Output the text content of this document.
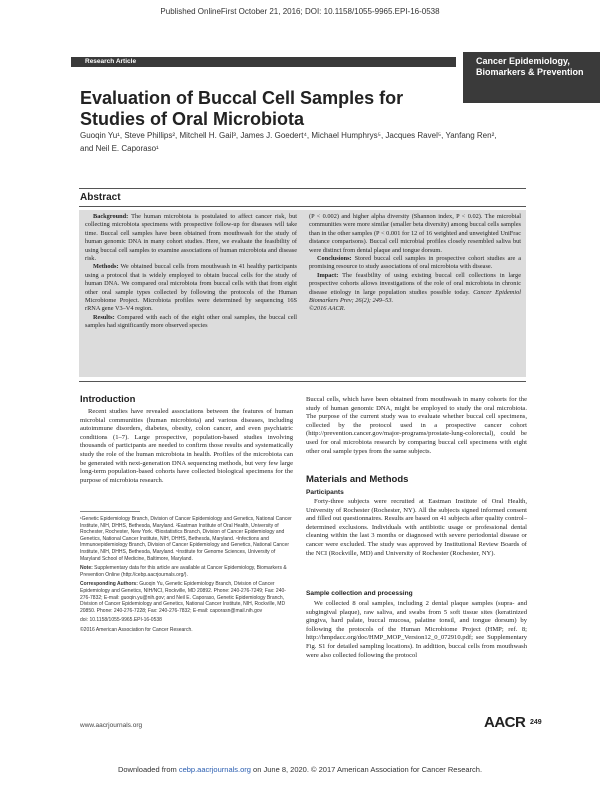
Published OnlineFirst October 21, 2016; DOI: 10.1158/1055-9965.EPI-16-0538
Research Article	Cancer Epidemiology, Biomarkers & Prevention
Evaluation of Buccal Cell Samples for Studies of Oral Microbiota
Guoqin Yu¹, Steve Phillips², Mitchell H. Gail³, James J. Goedert⁴, Michael Humphrys⁵, Jacques Ravel⁵, Yanfang Ren², and Neil E. Caporaso¹
Abstract

Background: The human microbiota is postulated to affect cancer risk, but collecting microbiota specimens with prospective follow-up for diseases will take time. Buccal cell samples have been obtained from mouthwash for the study of human genomic DNA in many cohort studies. Here, we evaluate the feasibility of using buccal cell samples to examine associations of human microbiota and disease risk.

Methods: We obtained buccal cells from mouthwash in 41 healthy participants using a protocol that is widely employed to obtain buccal cells for the study of human DNA. We compared oral microbiota from buccal cells with that from eight other oral sample types collected by following the protocols of the Human Microbiome Project. Microbiota profiles were determined by sequencing 16S rRNA gene V3–V4 region.

Results: Compared with each of the eight other oral samples, the buccal cell samples had significantly more observed species

(P < 0.002) and higher alpha diversity (Shannon index, P < 0.02). The microbial communities were more similar (smaller beta diversity) among buccal cells samples than in the other samples (P < 0.001 for 12 of 16 weighted and unweighted UniFrac distance comparisons). Buccal cell microbial profiles closely resembled saliva but were distinct from dental plaque and tongue dorsum.

Conclusions: Stored buccal cell samples in prospective cohort studies are a promising resource to study associations of oral microbiota with disease.

Impact: The feasibility of using existing buccal cell collections in large prospective cohorts allows investigations of the role of oral microbiota in chronic disease etiology in large population studies possible today. Cancer Epidemiol Biomarkers Prev; 26(2); 249–53.

©2016 AACR.

Introduction

Recent studies have revealed associations between the features of human microbial communities (human microbiota) and various diseases, including autoimmune disorders, diabetes, obesity, colon cancer, and even psychiatric conditions (1–7). Large prospective, population-based studies involving thousands of participants are needed to confirm those results and systematically study the role of the human microbiota in health. Profiles of the microbiota can be generated with next-generation DNA sequencing methods, but very few large long-term population-based cohorts have collected biological specimens for the purpose of microbiota research.

¹Genetic Epidemiology Branch, Division of Cancer Epidemiology and Genetics, National Cancer Institute, NIH, DHHS, Bethesda, Maryland. ²Eastman Institute of Oral Health, University of Rochester, Rochester, New York. ³Biostatistics Branch, Division of Cancer Epidemiology and Genetics, National Cancer Institute, NIH, DHHS, Bethesda, Maryland. ⁴Infections and Immunoepidemiology Branch, Division of Cancer Epidemiology and Genetics, National Cancer Institute, NIH, DHHS, Bethesda, Maryland. ⁵Institute for Genome Sciences, University of Maryland School of Medicine, Baltimore, Maryland.

Note: Supplementary data for this article are available at Cancer Epidemiology, Biomarkers & Prevention Online (http://cebp.aacrjournals.org/).

Corresponding Authors: Guoqin Yu, Genetic Epidemiology Branch, Division of Cancer Epidemiology and Genetics, NIH/NCI, Rockville, MD 20892. Phone: 240-276-7249; Fax: 240-276-7832; E-mail: guoqin.yu@nih.gov; and Neil E. Caporaso, Genetic Epidemiology Branch, Division of Cancer Epidemiology and Genetics, National Cancer Institute, NIH, Rockville, MD 20850. Phone: 240-276-7228; Fax: 240-276-7832; E-mail: caporasn@mail.nih.gov

doi: 10.1158/1055-9965.EPI-16-0538

©2016 American Association for Cancer Research.

Buccal cells, which have been obtained from mouthwash in many cohorts for the study of human genomic DNA, might be employed to study the oral microbiota. The purpose of the current study was to evaluate whether buccal cell specimens, collected by the protocol used in a prospective cancer cohort (http://prevention.cancer.gov/major-programs/prostate-lung-colorectal), could be used for oral microbiota research by comparing buccal cell specimens with eight other oral sample types from the same subjects.

Materials and Methods
Participants

Forty-three subjects were recruited at Eastman Institute of Oral Health, University of Rochester (Rochester, NY). All the subjects signed informed consent and filled out questionnaires. Results are based on 41 subjects after quality control–determined exclusions. Individuals with antibiotic usage or professional dental cleaning within the last 3 months or diagnosed with severe periodontal disease or cancer were excluded. The study was approved by Institutional Review Boards of the NCI (Rockville, MD) and University of Rochester (Rochester, NY).

Sample collection and processing

We collected 8 oral samples, including 2 dental plaque samples (supra- and subgingival plaque), raw saliva, and swabs from 5 soft tissue sites (keratinized gingiva, hard palate, buccal mucosa, palatine tonsil, and tongue dorsum) by following the protocols of the Human Microbiome Project (HMP; ref. 8; http://hmpdacc.org/doc/HMP_MOP_Version12_0_072910.pdf; see Supplementary Fig. S1 for detailed sampling locations). In addition, buccal cells from mouthwash were also collected following the protocol

www.aacrjournals.org	AACR 249
Downloaded from cebp.aacrjournals.org on June 8, 2020. © 2017 American Association for Cancer Research.
